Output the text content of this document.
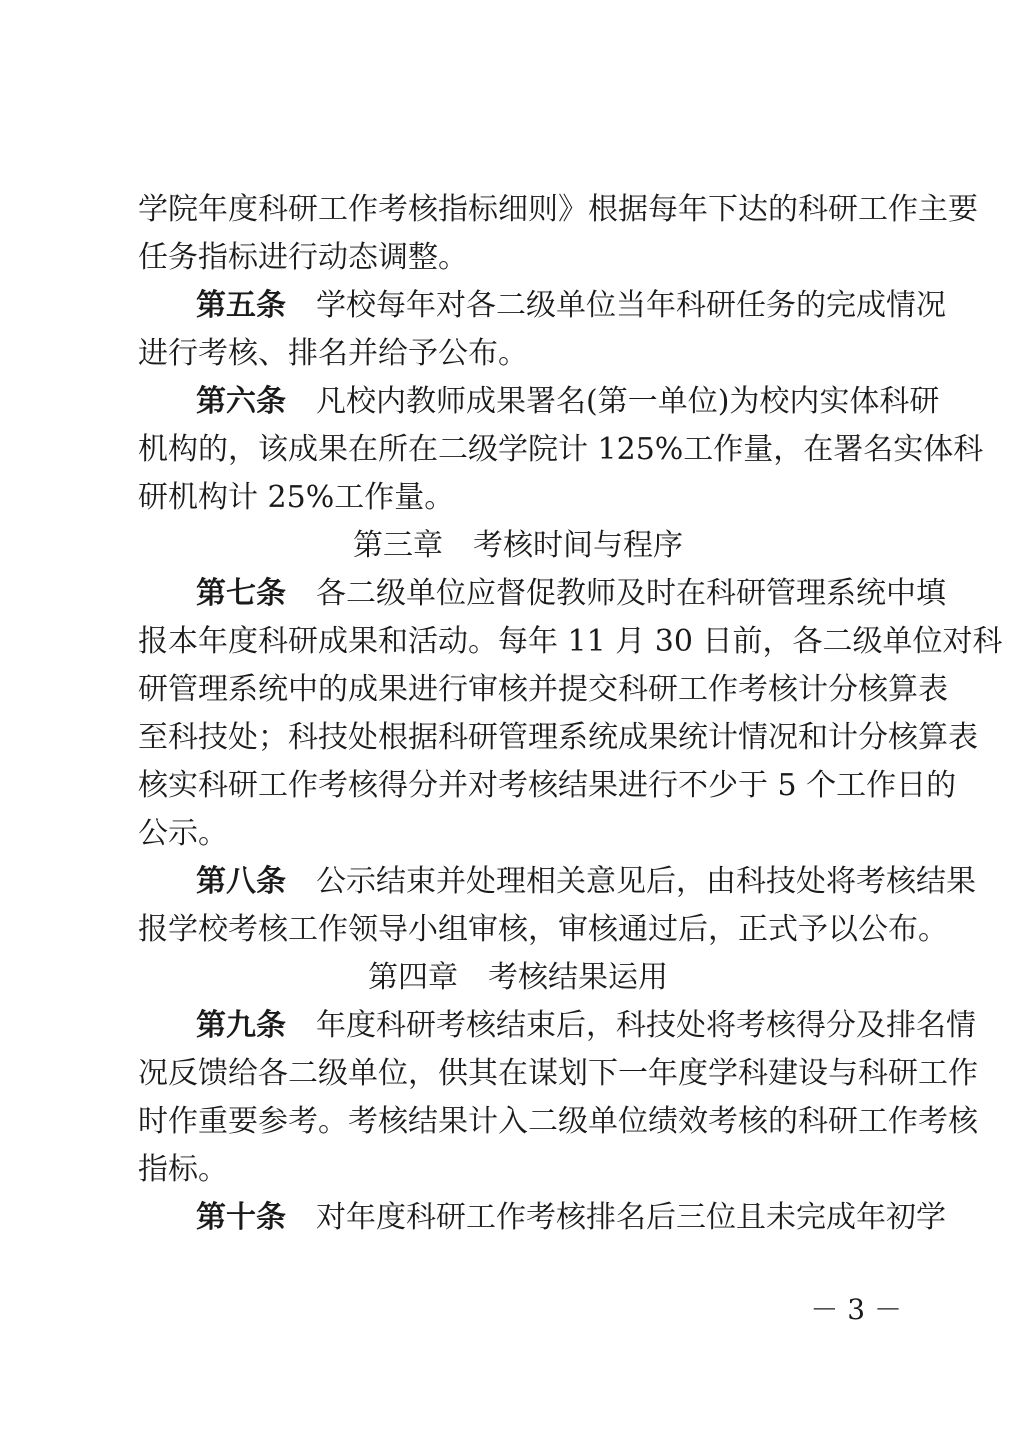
学院年度科研工作考核指标细则》根据每年下达的科研工作主要
任务指标进行动态调整。
第五条 学校每年对各二级单位当年科研任务的完成情况
进行考核、排名并给予公布。
第六条 凡校内教师成果署名(第一单位)为校内实体科研
机构的，该成果在所在二级学院计 125%工作量，在署名实体科
研机构计 25%工作量。
第三章　考核时间与程序
第七条 各二级单位应督促教师及时在科研管理系统中填
报本年度科研成果和活动。每年 11 月 30 日前，各二级单位对科
研管理系统中的成果进行审核并提交科研工作考核计分核算表
至科技处；科技处根据科研管理系统成果统计情况和计分核算表
核实科研工作考核得分并对考核结果进行不少于 5 个工作日的
公示。
第八条 公示结束并处理相关意见后，由科技处将考核结果
报学校考核工作领导小组审核，审核通过后，正式予以公布。
第四章　考核结果运用
第九条 年度科研考核结束后，科技处将考核得分及排名情
况反馈给各二级单位，供其在谋划下一年度学科建设与科研工作
时作重要参考。考核结果计入二级单位绩效考核的科研工作考核
指标。
第十条 对年度科研工作考核排名后三位且未完成年初学
－ 3 －
